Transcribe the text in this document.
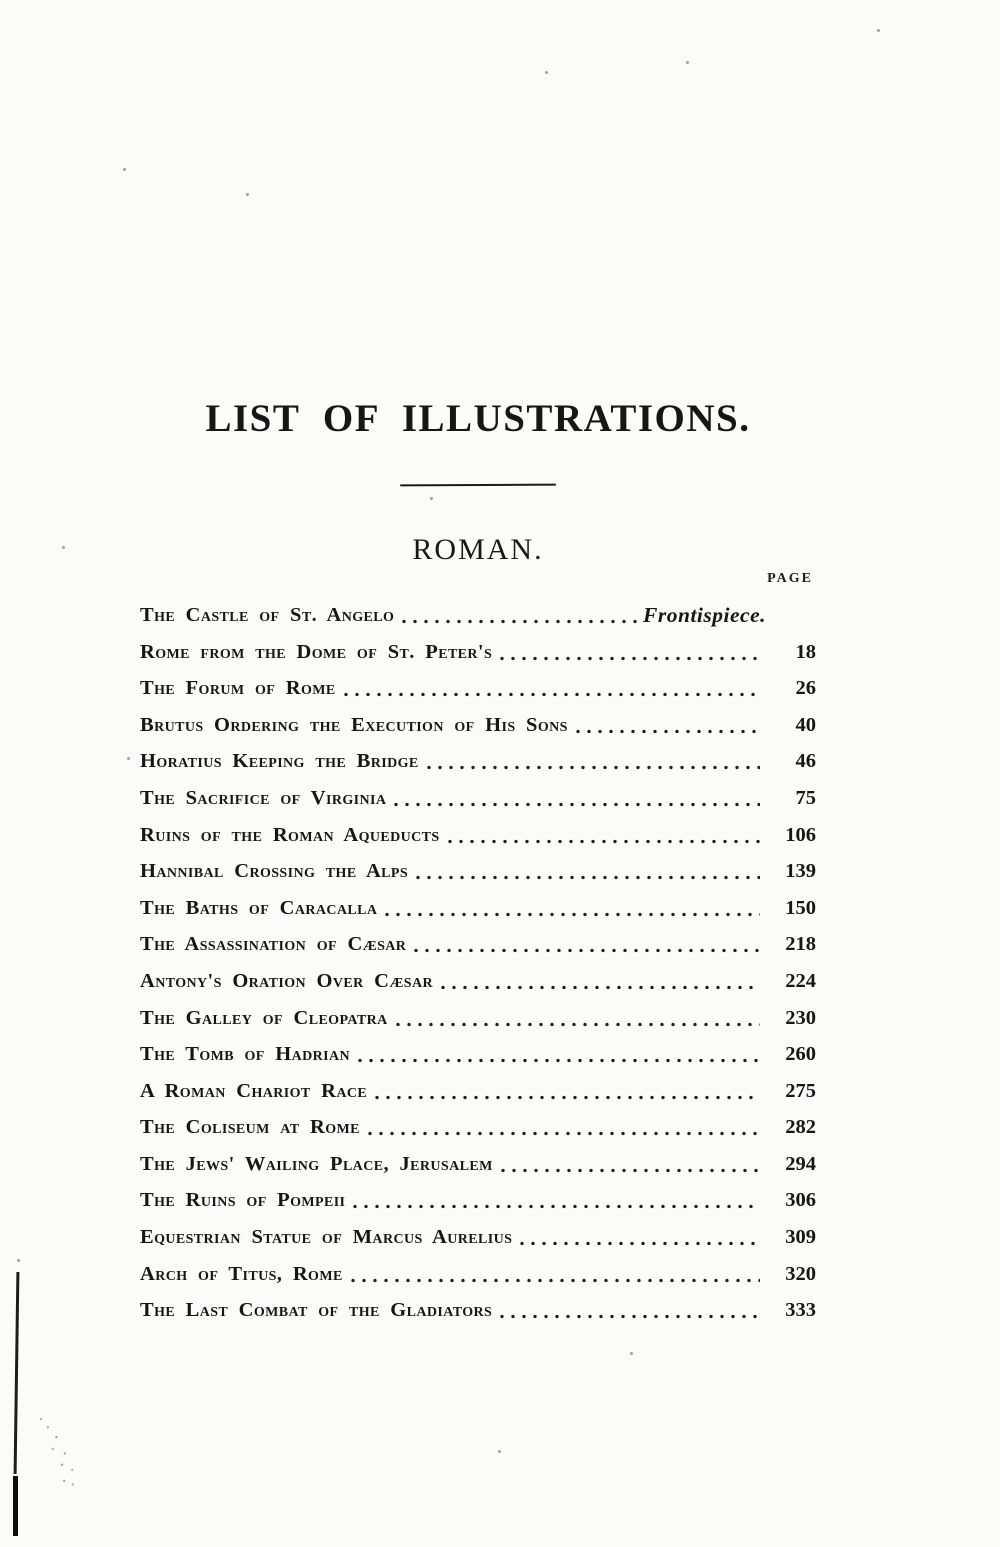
LIST OF ILLUSTRATIONS.
ROMAN.
PAGE
The Castle of St. Angelo	Frontispiece.
Rome from the Dome of St. Peter's	18
The Forum of Rome	26
Brutus Ordering the Execution of His Sons	40
Horatius Keeping the Bridge	46
The Sacrifice of Virginia	75
Ruins of the Roman Aqueducts	106
Hannibal Crossing the Alps	139
The Baths of Caracalla	150
The Assassination of Cæsar	218
Antony's Oration Over Cæsar	224
The Galley of Cleopatra	230
The Tomb of Hadrian	260
A Roman Chariot Race	275
The Coliseum at Rome	282
The Jews' Wailing Place, Jerusalem	294
The Ruins of Pompeii	306
Equestrian Statue of Marcus Aurelius	309
Arch of Titus, Rome	320
The Last Combat of the Gladiators	333
